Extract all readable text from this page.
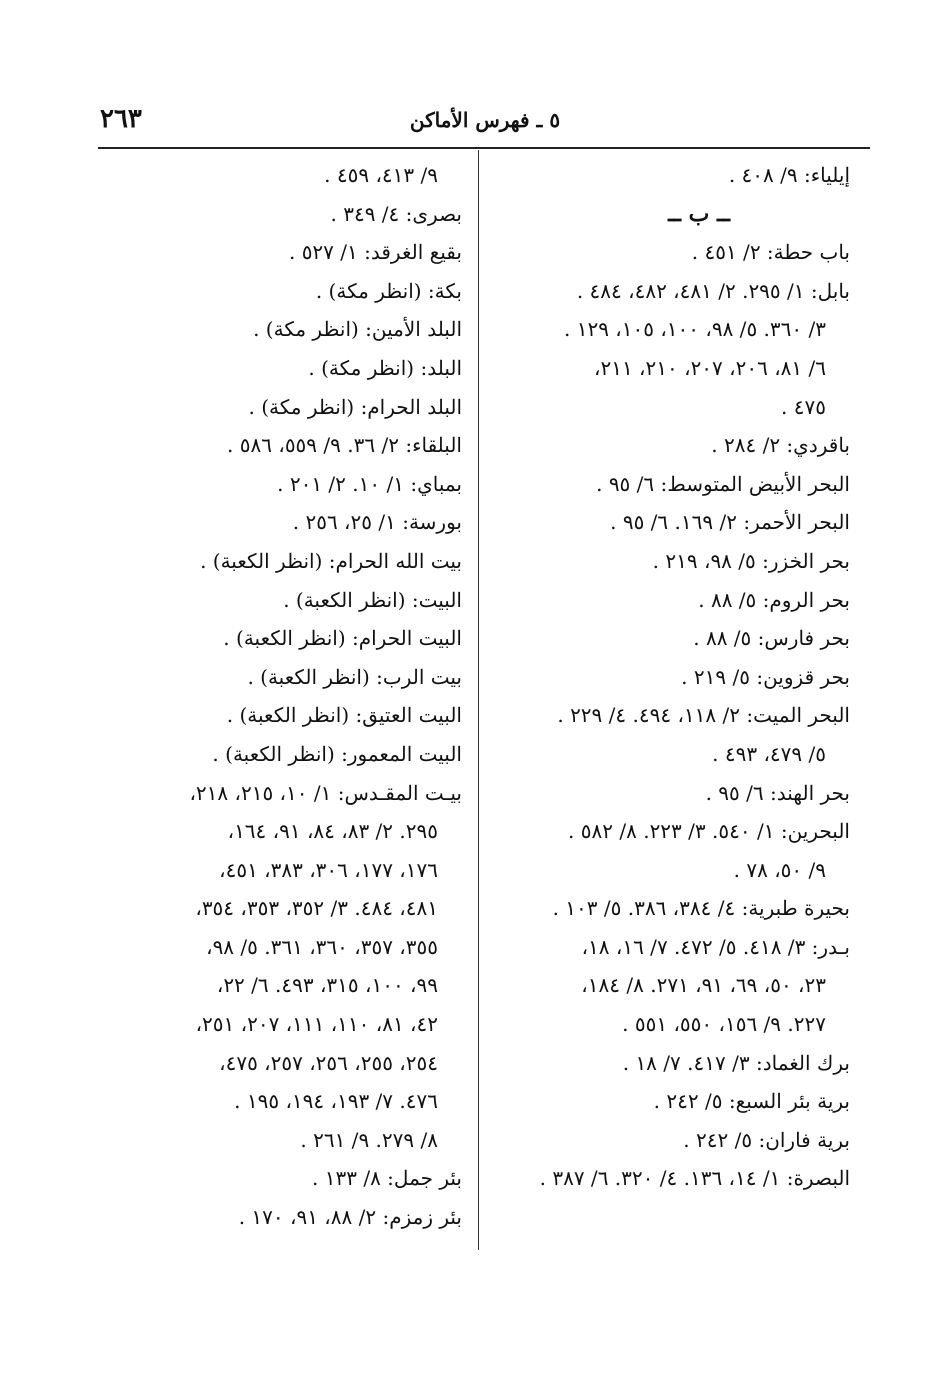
٢٦٣	٥ ـ فهرس الأماكن
إيلياء: ٩/ ٤٠٨ .
ــ ب ــ
باب حطة: ٢/ ٤٥١ .
بابل: ١/ ٢٩٥. ٢/ ٤٨١، ٤٨٢، ٤٨٤ .
٣/ ٣٦٠. ٥/ ٩٨، ١٠٠، ١٠٥، ١٢٩ .
٦/ ٨١، ٢٠٦، ٢٠٧، ٢١٠، ٢١١،
٤٧٥ .
باقردي: ٢/ ٢٨٤ .
البحر الأبيض المتوسط: ٦/ ٩٥ .
البحر الأحمر: ٢/ ١٦٩. ٦/ ٩٥ .
بحر الخزر: ٥/ ٩٨، ٢١٩ .
بحر الروم: ٥/ ٨٨ .
بحر فارس: ٥/ ٨٨ .
بحر قزوين: ٥/ ٢١٩ .
البحر الميت: ٢/ ١١٨، ٤٩٤. ٤/ ٢٢٩ .
٥/ ٤٧٩، ٤٩٣ .
بحر الهند: ٦/ ٩٥ .
البحرين: ١/ ٥٤٠. ٣/ ٢٢٣. ٨/ ٥٨٢ .
٩/ ٥٠، ٧٨ .
بحيرة طبرية: ٤/ ٣٨٤، ٣٨٦. ٥/ ١٠٣ .
بـدر: ٣/ ٤١٨. ٥/ ٤٧٢. ٧/ ١٦، ١٨،
٢٣، ٥٠، ٦٩، ٩١، ٢٧١. ٨/ ١٨٤،
٢٢٧. ٩/ ١٥٦، ٥٥٠، ٥٥١ .
برك الغماد: ٣/ ٤١٧. ٧/ ١٨ .
برية بئر السبع: ٥/ ٢٤٢ .
برية فاران: ٥/ ٢٤٢ .
البصرة: ١/ ١٤، ١٣٦. ٤/ ٣٢٠. ٦/ ٣٨٧ .
٩/ ٤١٣، ٤٥٩ .
بصرى: ٤/ ٣٤٩ .
بقيع الغرقد: ١/ ٥٢٧ .
بكة: (انظر مكة) .
البلد الأمين: (انظر مكة) .
البلد: (انظر مكة) .
البلد الحرام: (انظر مكة) .
البلقاء: ٢/ ٣٦. ٩/ ٥٥٩، ٥٨٦ .
بمباي: ١/ ١٠. ٢/ ٢٠١ .
بورسة: ١/ ٢٥، ٢٥٦ .
بيت الله الحرام: (انظر الكعبة) .
البيت: (انظر الكعبة) .
البيت الحرام: (انظر الكعبة) .
بيت الرب: (انظر الكعبة) .
البيت العتيق: (انظر الكعبة) .
البيت المعمور: (انظر الكعبة) .
بيـت المقـدس: ١/ ١٠، ٢١٥، ٢١٨،
٢٩٥. ٢/ ٨٣، ٨٤، ٩١، ١٦٤،
١٧٦، ١٧٧، ٣٠٦، ٣٨٣، ٤٥١،
٤٨١، ٤٨٤. ٣/ ٣٥٢، ٣٥٣، ٣٥٤،
٣٥٥، ٣٥٧، ٣٦٠، ٣٦١. ٥/ ٩٨،
٩٩، ١٠٠، ٣١٥، ٤٩٣. ٦/ ٢٢،
٤٢، ٨١، ١١٠، ١١١، ٢٠٧، ٢٥١،
٢٥٤، ٢٥٥، ٢٥٦، ٢٥٧، ٤٧٥،
٤٧٦. ٧/ ١٩٣، ١٩٤، ١٩٥ .
٨/ ٢٧٩. ٩/ ٢٦١ .
بئر جمل: ٨/ ١٣٣ .
بئر زمزم: ٢/ ٨٨، ٩١، ١٧٠ .
